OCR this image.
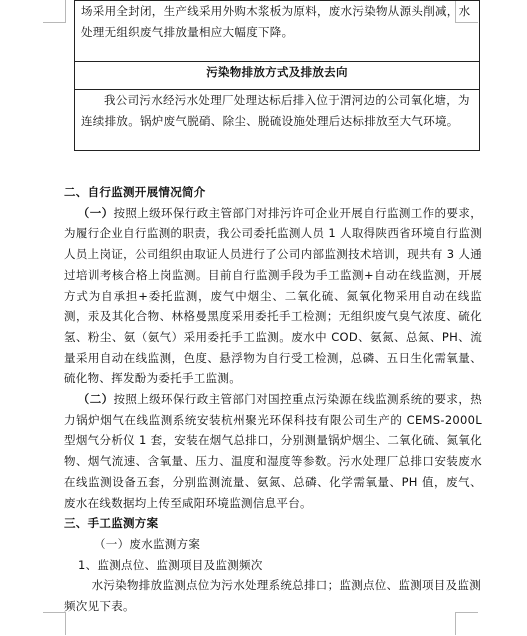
场采用全封闭，生产线采用外购木浆板为原料，废水污染物从源头削减，水处理无组织废气排放量相应大幅度下降。
污染物排放方式及排放去向
我公司污水经污水处理厂处理达标后排入位于渭河边的公司氧化塘，为连续排放。锅炉废气脱硝、除尘、脱硫设施处理后达标排放至大气环境。

二、自行监测开展情况简介

（一）按照上级环保行政主管部门对排污许可企业开展自行监测工作的要求，为履行企业自行监测的职责，我公司委托监测人员 1 人取得陕西省环境自行监测人员上岗证，公司组织由取证人员进行了公司内部监测技术培训，现共有 3 人通过培训考核合格上岗监测。目前自行监测手段为手工监测+自动在线监测，开展方式为自承担+委托监测，废气中烟尘、二氧化硫、氮氧化物采用自动在线监测，汞及其化合物、林格曼黑度采用委托手工检测；无组织废气臭气浓度、硫化氢、粉尘、氨（氨气）采用委托手工监测。废水中 COD、氨氮、总氮、PH、流量采用自动在线监测，色度、悬浮物为自行受工检测，总磷、五日生化需氧量、硫化物、挥发酚为委托手工监测。

（二）按照上级环保行政主管部门对国控重点污染源在线监测系统的要求，热力锅炉烟气在线监测系统安装杭州聚光环保科技有限公司生产的 CEMS-2000L 型烟气分析仪 1 套，安装在烟气总排口，分别测量锅炉烟尘、二氧化硫、氮氧化物、烟气流速、含氧量、压力、温度和湿度等参数。污水处理厂总排口安装废水在线监测设备五套，分别监测流量、氨氮、总磷、化学需氧量、PH 值，废气、废水在线数据均上传至咸阳环境监测信息平台。

三、手工监测方案

（一）废水监测方案

1、监测点位、监测项目及监测频次

水污染物排放监测点位为污水处理系统总排口；监测点位、监测项目及监测频次见下表。
